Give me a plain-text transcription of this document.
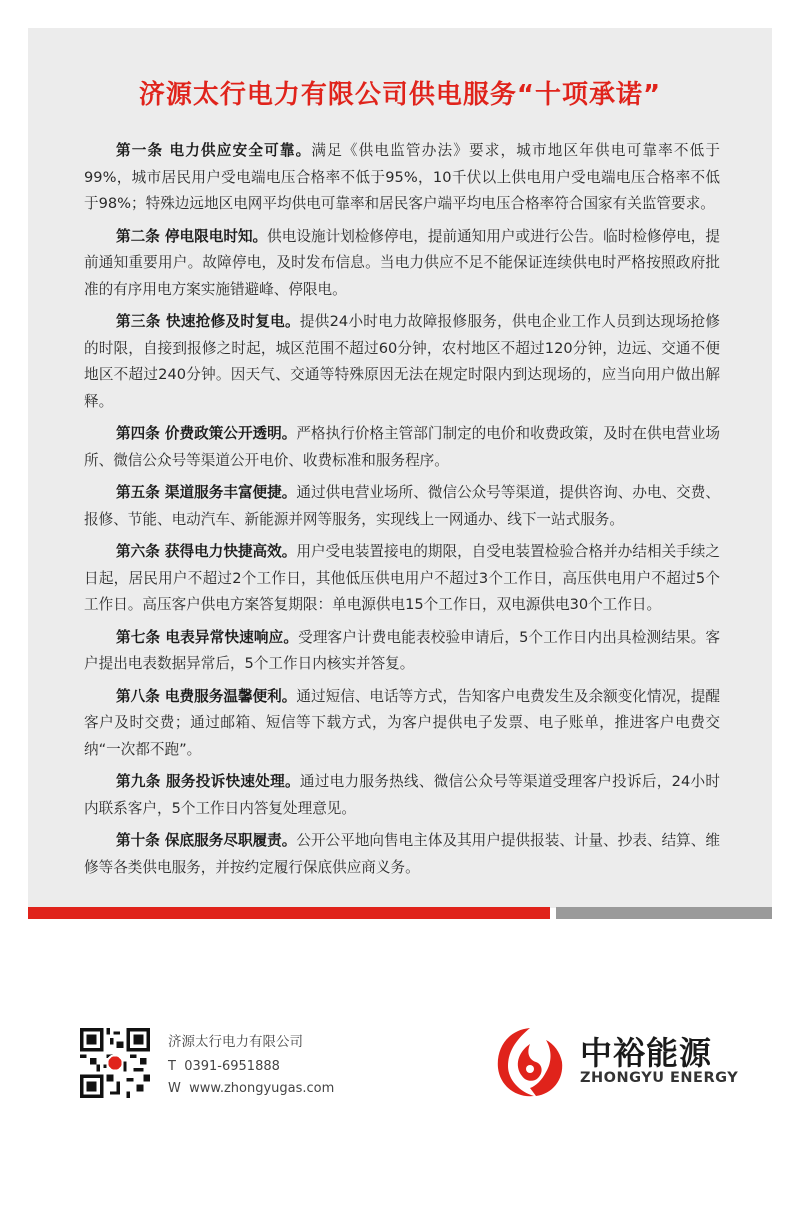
济源太行电力有限公司供电服务“十项承诺”

第一条 电力供应安全可靠。满足《供电监管办法》要求，城市地区年供电可靠率不低于99%，城市居民用户受电端电压合格率不低于95%，10千伏以上供电用户受电端电压合格率不低于98%；特殊边远地区电网平均供电可靠率和居民客户端平均电压合格率符合国家有关监管要求。

第二条 停电限电时知。供电设施计划检修停电，提前通知用户或进行公告。临时检修停电，提前通知重要用户。故障停电，及时发布信息。当电力供应不足不能保证连续供电时严格按照政府批准的有序用电方案实施错避峰、停限电。

第三条 快速抢修及时复电。提供24小时电力故障报修服务，供电企业工作人员到达现场抢修的时限，自接到报修之时起，城区范围不超过60分钟，农村地区不超过120分钟，边远、交通不便地区不超过240分钟。因天气、交通等特殊原因无法在规定时限内到达现场的，应当向用户做出解释。

第四条 价费政策公开透明。严格执行价格主管部门制定的电价和收费政策，及时在供电营业场所、微信公众号等渠道公开电价、收费标准和服务程序。

第五条 渠道服务丰富便捷。通过供电营业场所、微信公众号等渠道，提供咨询、办电、交费、报修、节能、电动汽车、新能源并网等服务，实现线上一网通办、线下一站式服务。

第六条 获得电力快捷高效。用户受电装置接电的期限，自受电装置检验合格并办结相关手续之日起，居民用户不超过2个工作日，其他低压供电用户不超过3个工作日，高压供电用户不超过5个工作日。高压客户供电方案答复期限：单电源供电15个工作日，双电源供电30个工作日。

第七条 电表异常快速响应。受理客户计费电能表校验申请后，5个工作日内出具检测结果。客户提出电表数据异常后，5个工作日内核实并答复。

第八条 电费服务温馨便利。通过短信、电话等方式，告知客户电费发生及余额变化情况，提醒客户及时交费；通过邮箱、短信等下载方式，为客户提供电子发票、电子账单，推进客户电费交纳“一次都不跑”。

第九条 服务投诉快速处理。通过电力服务热线、微信公众号等渠道受理客户投诉后，24小时内联系客户，5个工作日内答复处理意见。

第十条 保底服务尽职履责。公开公平地向售电主体及其用户提供报装、计量、抄表、结算、维修等各类供电服务，并按约定履行保底供应商义务。

济源太行电力有限公司
T 0391-6951888
W www.zhongyugas.com
中裕能源
ZHONGYU ENERGY
